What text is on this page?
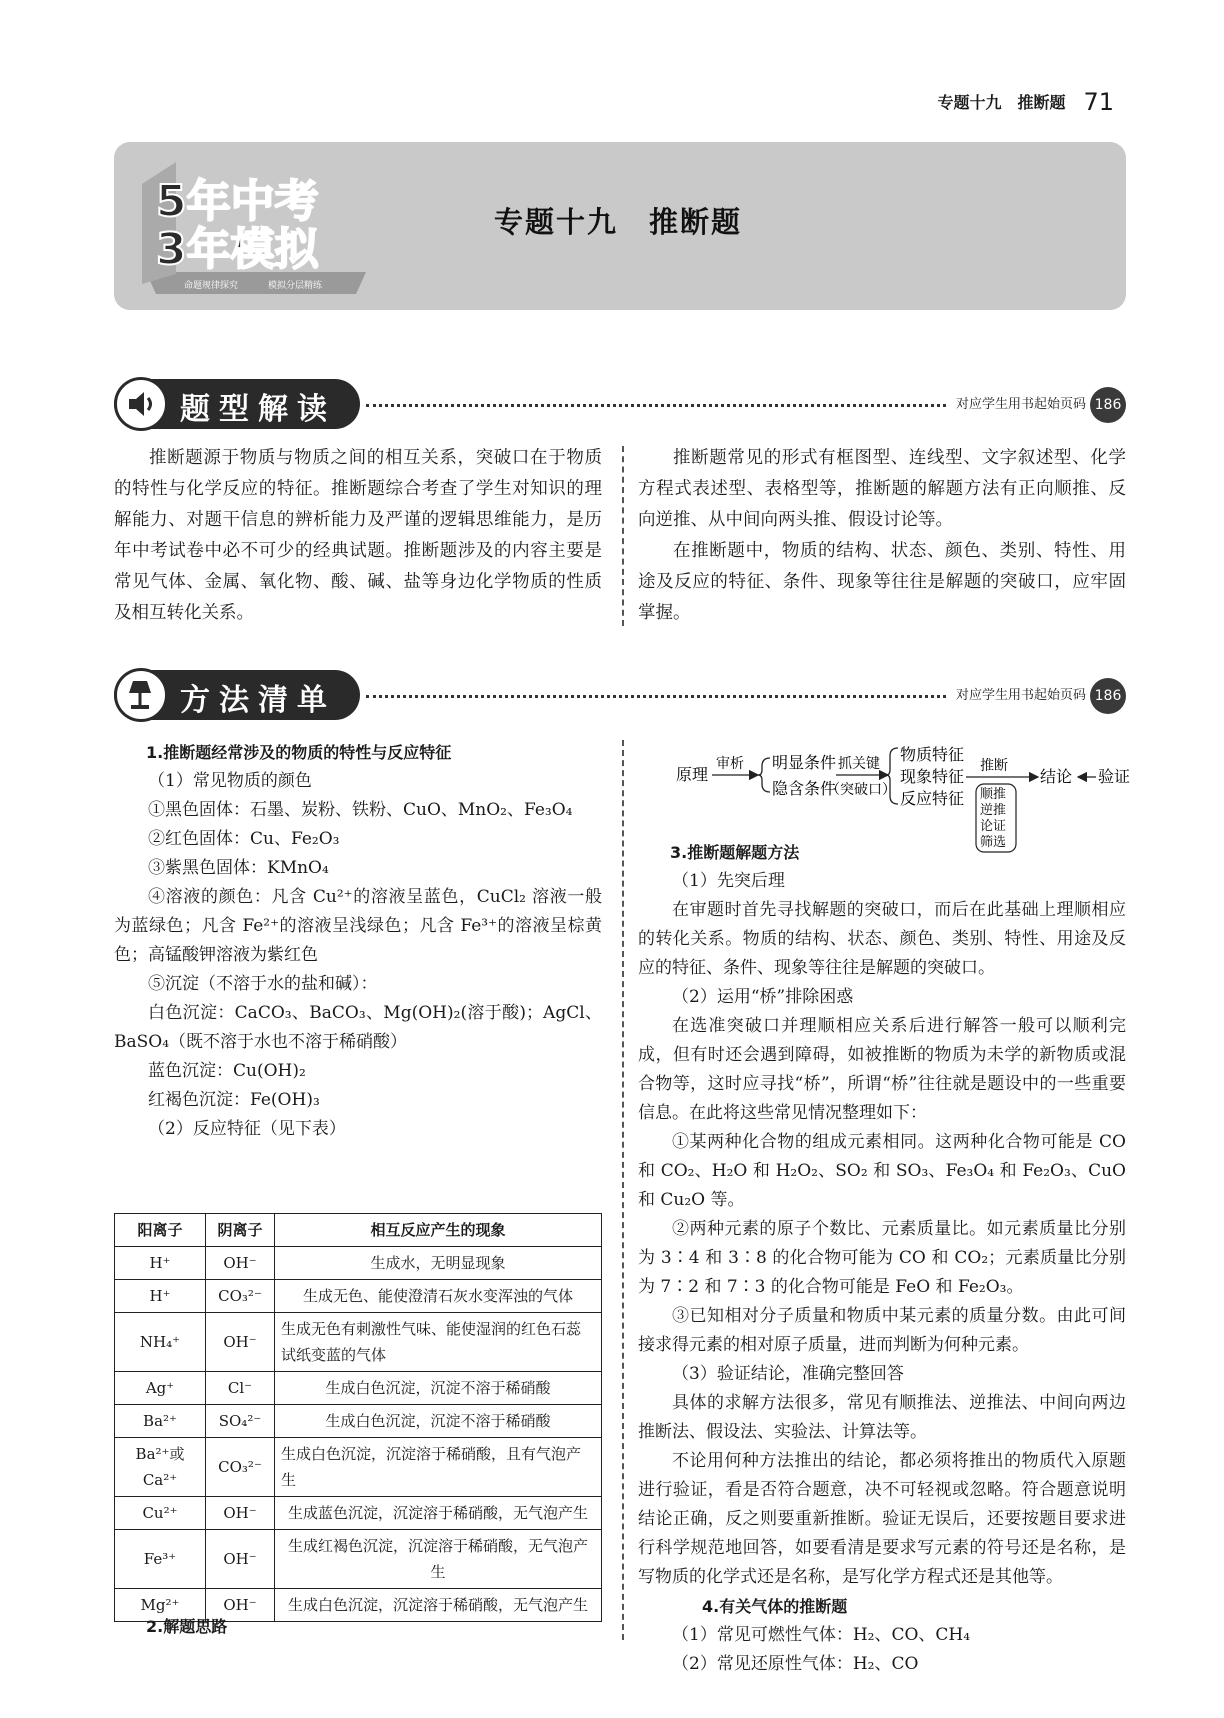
专题十九　推断题 71
5年中考
3年模拟
命题规律探究	模拟分层精练
专题十九　推断题
题型解读	对应学生用书起始页码 186

推断题源于物质与物质之间的相互关系，突破口在于物质的特性与化学反应的特征。推断题综合考查了学生对知识的理解能力、对题干信息的辨析能力及严谨的逻辑思维能力，是历年中考试卷中必不可少的经典试题。推断题涉及的内容主要是常见气体、金属、氧化物、酸、碱、盐等身边化学物质的性质及相互转化关系。

推断题常见的形式有框图型、连线型、文字叙述型、化学方程式表述型、表格型等，推断题的解题方法有正向顺推、反向逆推、从中间向两头推、假设讨论等。

在推断题中，物质的结构、状态、颜色、类别、特性、用途及反应的特征、条件、现象等往往是解题的突破口，应牢固掌握。

方法清单	对应学生用书起始页码 186

1.推断题经常涉及的物质的特性与反应特征

（1）常见物质的颜色

①黑色固体：石墨、炭粉、铁粉、CuO、MnO₂、Fe₃O₄

②红色固体：Cu、Fe₂O₃

③紫黑色固体：KMnO₄

④溶液的颜色：凡含 Cu²⁺的溶液呈蓝色，CuCl₂ 溶液一般为蓝绿色；凡含 Fe²⁺的溶液呈浅绿色；凡含 Fe³⁺的溶液呈棕黄色；高锰酸钾溶液为紫红色

⑤沉淀（不溶于水的盐和碱）：

白色沉淀：CaCO₃、BaCO₃、Mg(OH)₂(溶于酸)；AgCl、BaSO₄（既不溶于水也不溶于稀硝酸）

蓝色沉淀：Cu(OH)₂

红褐色沉淀：Fe(OH)₃

（2）反应特征（见下表）

阳离子	阴离子	相互反应产生的现象
H⁺	OH⁻	生成水，无明显现象
H⁺	CO₃²⁻	生成无色、能使澄清石灰水变浑浊的气体
NH₄⁺	OH⁻	生成无色有刺激性气味、能使湿润的红色石蕊试纸变蓝的气体
Ag⁺	Cl⁻	生成白色沉淀，沉淀不溶于稀硝酸
Ba²⁺	SO₄²⁻	生成白色沉淀，沉淀不溶于稀硝酸
Ba²⁺或 Ca²⁺	CO₃²⁻	生成白色沉淀，沉淀溶于稀硝酸，且有气泡产生
Cu²⁺	OH⁻	生成蓝色沉淀，沉淀溶于稀硝酸，无气泡产生
Fe³⁺	OH⁻	生成红褐色沉淀，沉淀溶于稀硝酸，无气泡产生
Mg²⁺	OH⁻	生成白色沉淀，沉淀溶于稀硝酸，无气泡产生

2.解题思路

原理
审析 明显条件
隐含条件
抓关键
（突破口）
物质特征
现象特征
反应特征
推断
顺推
逆推
论证
筛选
结论 验证

3.推断题解题方法

（1）先突后理

在审题时首先寻找解题的突破口，而后在此基础上理顺相应的转化关系。物质的结构、状态、颜色、类别、特性、用途及反应的特征、条件、现象等往往是解题的突破口。

（2）运用“桥”排除困惑

在选准突破口并理顺相应关系后进行解答一般可以顺利完成，但有时还会遇到障碍，如被推断的物质为未学的新物质或混合物等，这时应寻找“桥”，所谓“桥”往往就是题设中的一些重要信息。在此将这些常见情况整理如下：

①某两种化合物的组成元素相同。这两种化合物可能是 CO 和 CO₂、H₂O 和 H₂O₂、SO₂ 和 SO₃、Fe₃O₄ 和 Fe₂O₃、CuO 和 Cu₂O 等。

②两种元素的原子个数比、元素质量比。如元素质量比分别为 3∶4 和 3∶8 的化合物可能为 CO 和 CO₂；元素质量比分别为 7∶2 和 7∶3 的化合物可能是 FeO 和 Fe₂O₃。

③已知相对分子质量和物质中某元素的质量分数。由此可间接求得元素的相对原子质量，进而判断为何种元素。

（3）验证结论，准确完整回答

具体的求解方法很多，常见有顺推法、逆推法、中间向两边推断法、假设法、实验法、计算法等。

不论用何种方法推出的结论，都必须将推出的物质代入原题进行验证，看是否符合题意，决不可轻视或忽略。符合题意说明结论正确，反之则要重新推断。验证无误后，还要按题目要求进行科学规范地回答，如要看清是要求写元素的符号还是名称，是写物质的化学式还是名称，是写化学方程式还是其他等。

4.有关气体的推断题

（1）常见可燃性气体：H₂、CO、CH₄

（2）常见还原性气体：H₂、CO
